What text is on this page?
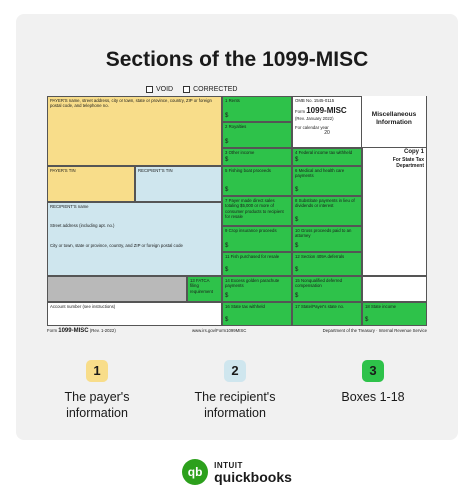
Sections of the 1099-MISC
VOID	CORRECTED
PAYER'S name, street address, city or town, state or province, country, ZIP or foreign postal code, and telephone no.
PAYER'S TIN	RECIPIENT'S TIN
RECIPIENT'S name
Street address (including apt. no.)
City or town, state or province, country, and ZIP or foreign postal code
13 FATCA filing requirement
Account number (see instructions)
1 Rents
$
2 Royalties
$
3 Other income
$
5 Fishing boat proceeds
$
7 Payer made direct sales totaling $5,000 or more of consumer products to recipient for resale
9 Crop insurance proceeds
$
11 Fish purchased for resale
$
14 Excess golden parachute payments
$
16 State tax withheld
$
OMB No. 1545-0115
Form 1099-MISC
(Rev. January 2022)
For calendar year
20
Miscellaneous Information
4 Federal income tax withheld
$
6 Medical and health care payments
$
8 Substitute payments in lieu of dividends or interest
$
10 Gross proceeds paid to an attorney
$
12 Section 409A deferrals
$
15 Nonqualified deferred compensation
$
17 State/Payer's state no.
Copy 1
For State Tax Department
18 State income
$
Form 1099-MISC (Rev. 1-2022)	www.irs.gov/Form1099MISC	Department of the Treasury · Internal Revenue Service
1
The payer's information
2
The recipient's information
3
Boxes 1-18
qb	INTUIT
quickbooks
